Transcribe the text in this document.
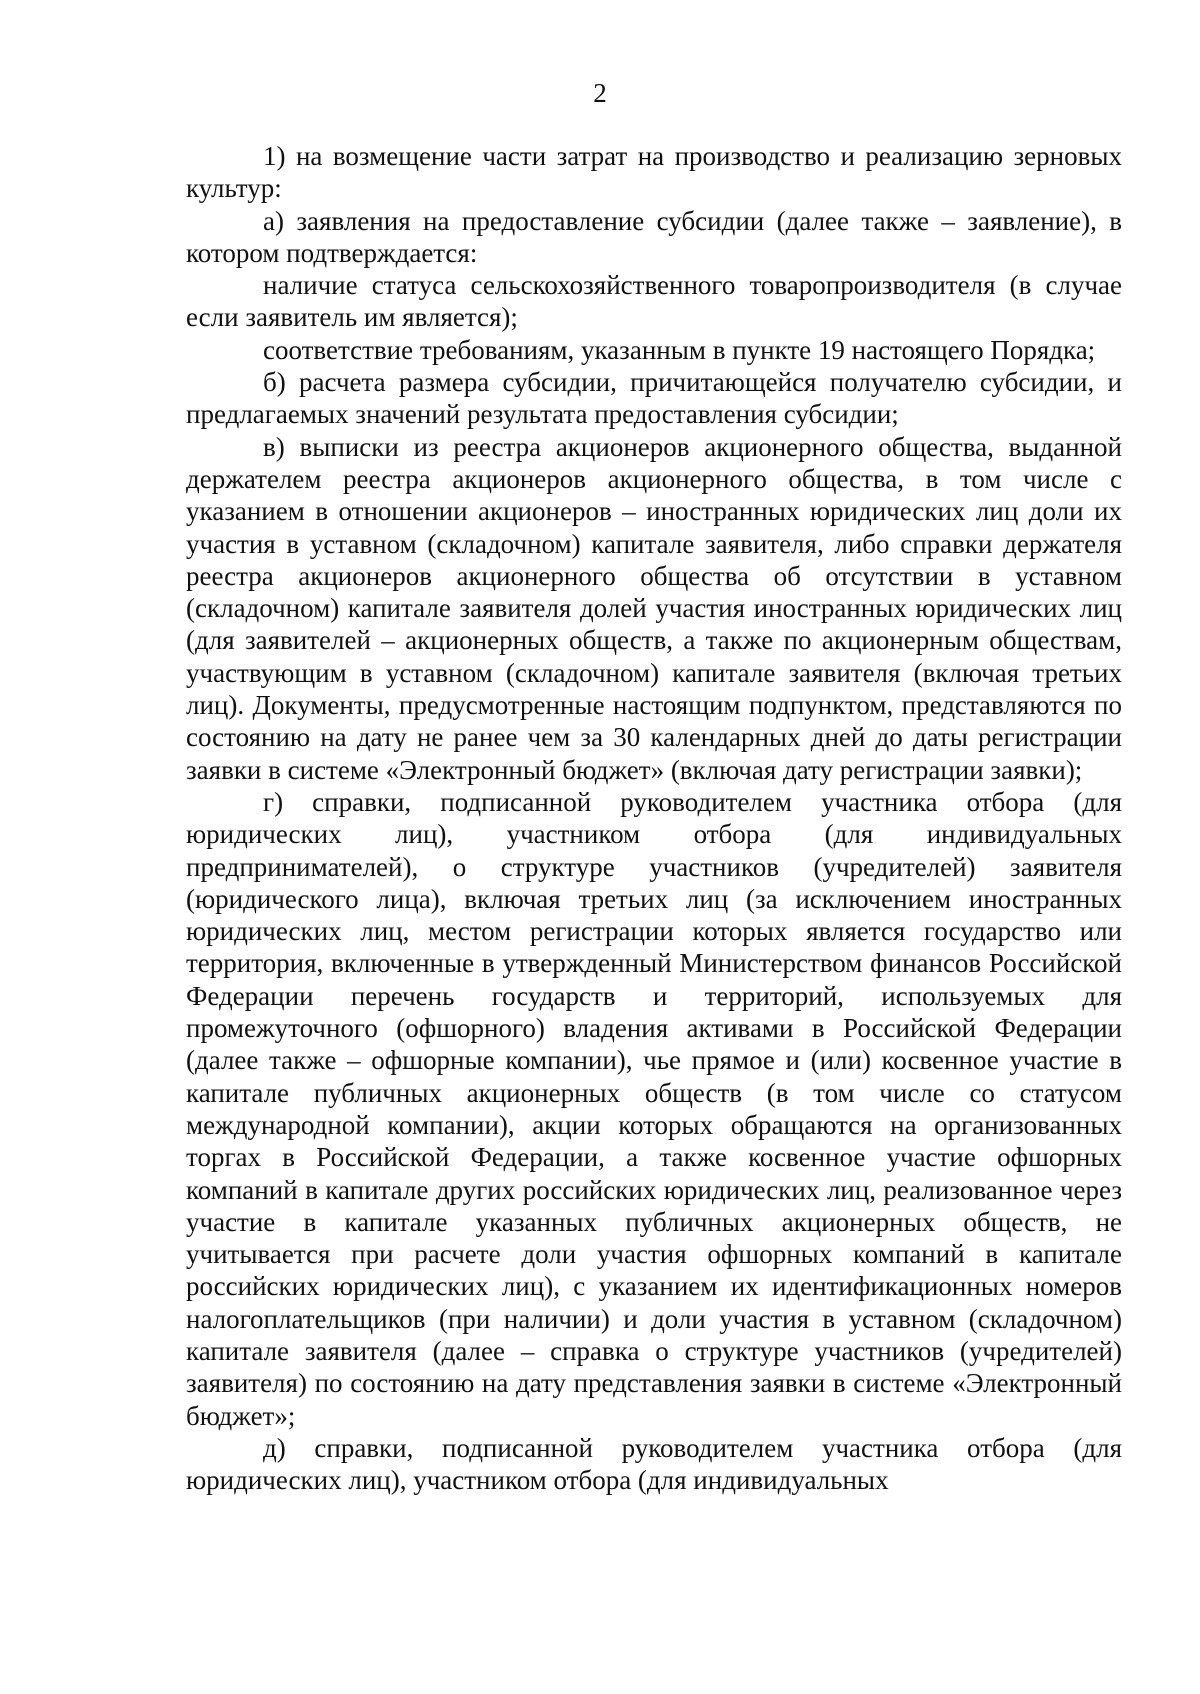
2

1) на возмещение части затрат на производство и реализацию зерновых культур:

а) заявления на предоставление субсидии (далее также – заявление), в котором подтверждается:

наличие статуса сельскохозяйственного товаропроизводителя (в случае если заявитель им является);

соответствие требованиям, указанным в пункте 19 настоящего Порядка;

б) расчета размера субсидии, причитающейся получателю субсидии, и предлагаемых значений результата предоставления субсидии;

в) выписки из реестра акционеров акционерного общества, выданной держателем реестра акционеров акционерного общества, в том числе с указанием в отношении акционеров – иностранных юридических лиц доли их участия в уставном (складочном) капитале заявителя, либо справки держателя реестра акционеров акционерного общества об отсутствии в уставном (складочном) капитале заявителя долей участия иностранных юридических лиц (для заявителей – акционерных обществ, а также по акционерным обществам, участвующим в уставном (складочном) капитале заявителя (включая третьих лиц). Документы, предусмотренные настоящим подпунктом, представляются по состоянию на дату не ранее чем за 30 календарных дней до даты регистрации заявки в системе «Электронный бюджет» (включая дату регистрации заявки);

г) справки, подписанной руководителем участника отбора (для юридических лиц), участником отбора (для индивидуальных предпринимателей), о структуре участников (учредителей) заявителя (юридического лица), включая третьих лиц (за исключением иностранных юридических лиц, местом регистрации которых является государство или территория, включенные в утвержденный Министерством финансов Российской Федерации перечень государств и территорий, используемых для промежуточного (офшорного) владения активами в Российской Федерации (далее также – офшорные компании), чье прямое и (или) косвенное участие в капитале публичных акционерных обществ (в том числе со статусом международной компании), акции которых обращаются на организованных торгах в Российской Федерации, а также косвенное участие офшорных компаний в капитале других российских юридических лиц, реализованное через участие в капитале указанных публичных акционерных обществ, не учитывается при расчете доли участия офшорных компаний в капитале российских юридических лиц), с указанием их идентификационных номеров налогоплательщиков (при наличии) и доли участия в уставном (складочном) капитале заявителя (далее – справка о структуре участников (учредителей) заявителя) по состоянию на дату представления заявки в системе «Электронный бюджет»;

д) справки, подписанной руководителем участника отбора (для юридических лиц), участником отбора (для индивидуальных
